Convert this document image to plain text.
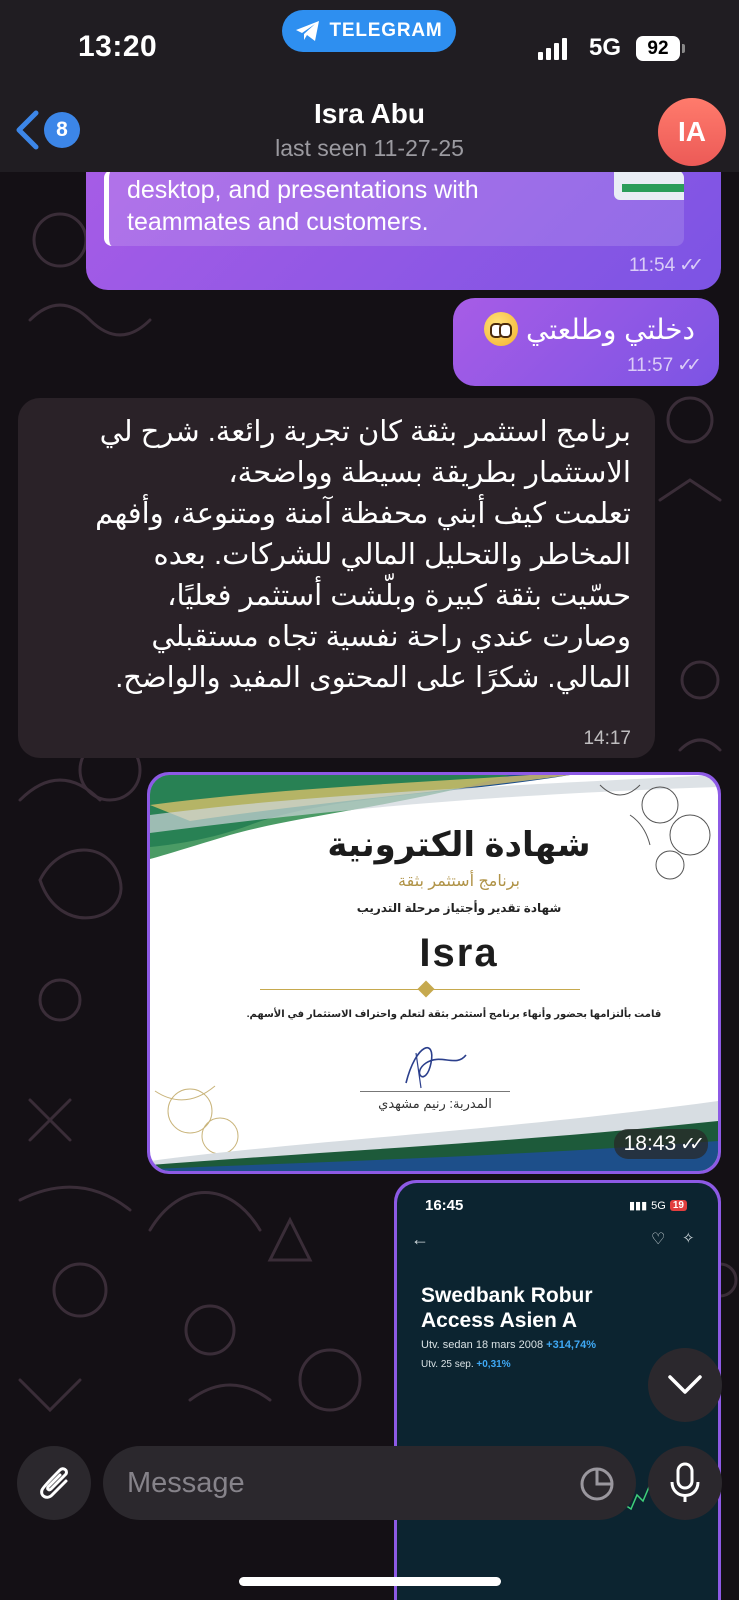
13:20	TELEGRAM
5G 92
8
Isra Abu
last seen 11-27-25
IA
desktop, and presentations with teammates and customers.
11:54 ✓✓
دخلتي وطلعتي
11:57 ✓✓
برنامج استثمر بثقة كان تجربة رائعة. شرح لي
الاستثمار بطريقة بسيطة وواضحة،
تعلمت كيف أبني محفظة آمنة ومتنوعة، وأفهم
المخاطر والتحليل المالي للشركات. بعده
حسّيت بثقة كبيرة وبلّشت أستثمر فعليًا،
وصارت عندي راحة نفسية تجاه مستقبلي
المالي. شكرًا على المحتوى المفيد والواضح.
14:17
شهادة الكترونية
برنامج أستثمر بثقة
شهادة تقدير وأجتياز مرحلة التدريب
Isra
قامت بألتزامها بحضور وأنهاء برنامج أستثمر بثقة لتعلم واحتراف الاستثمار في الأسهم.
المدربة: رنيم مشهدي
18:43 ✓✓
16:45	▮▮▮ 5G 19
←	♡ ✧
Swedbank Robur Access Asien A
Utv. sedan 18 mars 2008 +314,74%
Utv. 25 sep. +0,31%
Message
